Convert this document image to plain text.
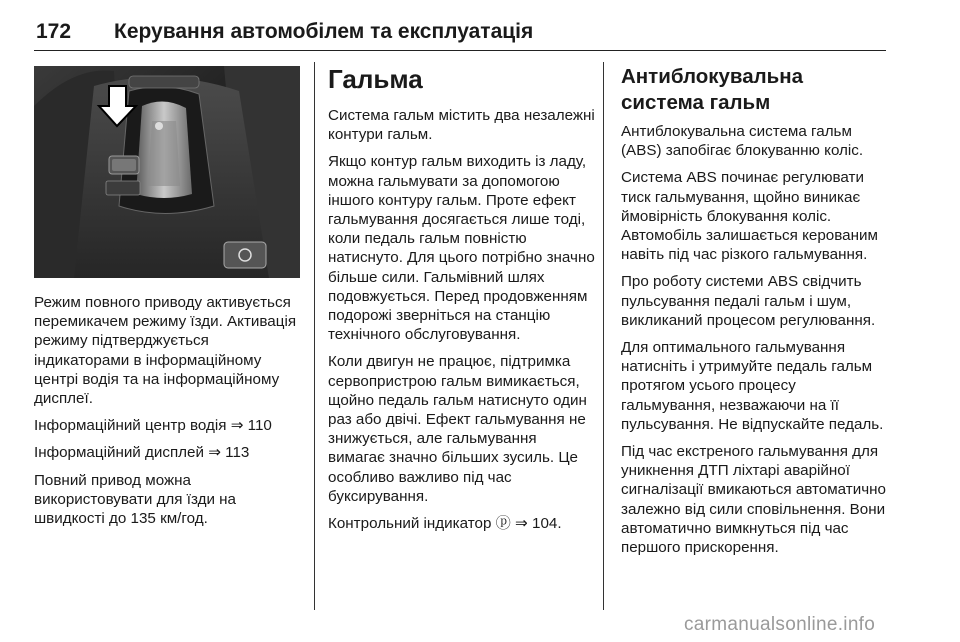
172 Керування автомобілем та експлуатація

Режим повного приводу активується перемикачем режиму їзди. Активація режиму підтверджується індикаторами в інформаційному центрі водія та на інформаційному дисплеї.

Інформаційний центр водія ⇒ 110

Інформаційний дисплей ⇒ 113

Повний привод можна використовувати для їзди на швидкості до 135 км/год.

Гальма

Система гальм містить два незалежні контури гальм.

Якщо контур гальм виходить із ладу, можна гальмувати за допомогою іншого контуру гальм. Проте ефект гальмування досягається лише тоді, коли педаль гальм повністю натиснуто. Для цього потрібно значно більше сили. Гальмівний шлях подовжується. Перед продовженням подорожі зверніться на станцію технічного обслуговування.

Коли двигун не працює, підтримка сервопристрою гальм вимикається, щойно педаль гальм натиснуто один раз або двічі. Ефект гальмування не знижується, але гальмування вимагає значно більших зусиль. Це особливо важливо під час буксирування.

Контрольний індикатор ⓟ ⇒ 104.

Антиблокувальна система гальм

Антиблокувальна система гальм (ABS) запобігає блокуванню коліс.

Система ABS починає регулювати тиск гальмування, щойно виникає ймовірність блокування коліс. Автомобіль залишається керованим навіть під час різкого гальмування.

Про роботу системи ABS свідчить пульсування педалі гальм і шум, викликаний процесом регулювання.

Для оптимального гальмування натисніть і утримуйте педаль гальм протягом усього процесу гальмування, незважаючи на її пульсування. Не відпускайте педаль.

Під час екстреного гальмування для уникнення ДТП ліхтарі аварійної сигналізації вмикаються автоматично залежно від сили сповільнення. Вони автоматично вимкнуться під час першого прискорення.

carmanualsonline.info
